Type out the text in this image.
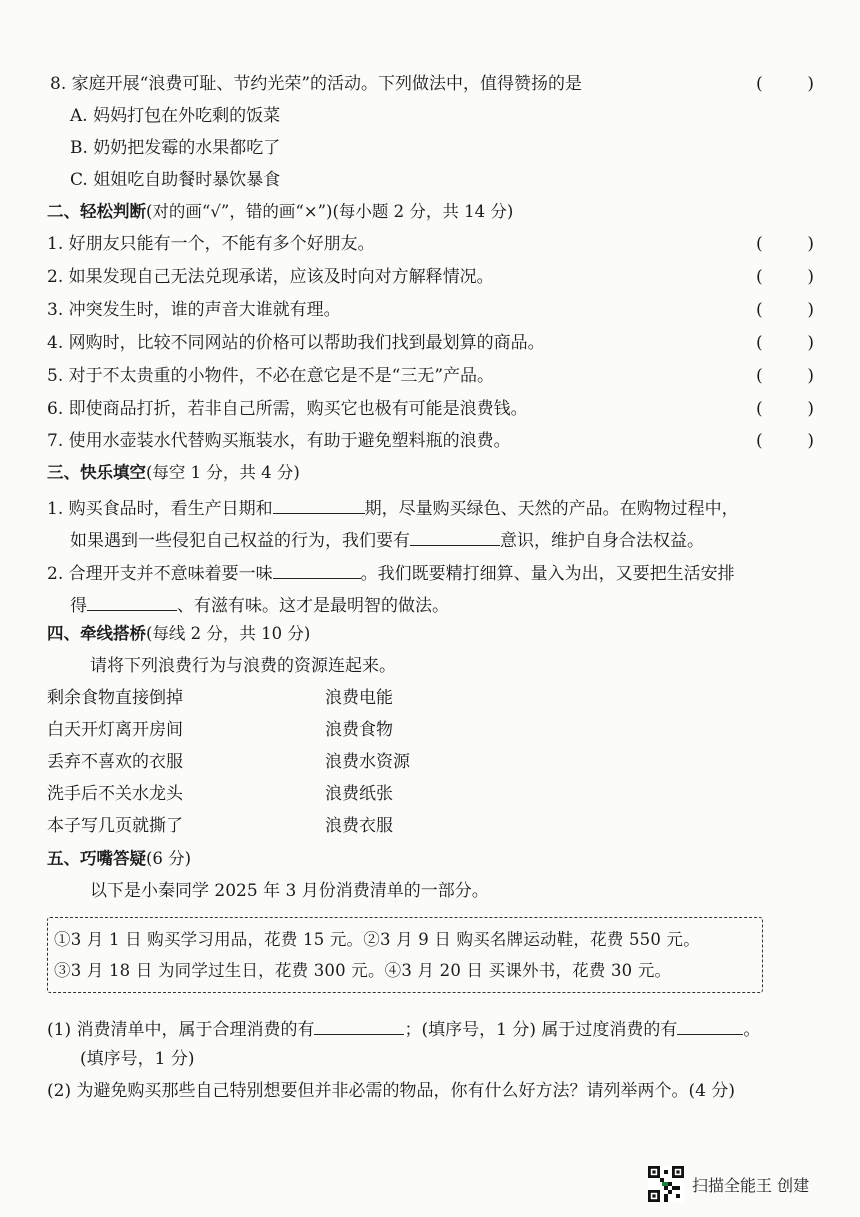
8. 家庭开展“浪费可耻、节约光荣”的活动。下列做法中，值得赞扬的是	(	)
A. 妈妈打包在外吃剩的饭菜
B. 奶奶把发霉的水果都吃了
C. 姐姐吃自助餐时暴饮暴食
二、轻松判断(对的画“√”，错的画“×”)(每小题 2 分，共 14 分)
1. 好朋友只能有一个，不能有多个好朋友。	(	)
2. 如果发现自己无法兑现承诺，应该及时向对方解释情况。	(	)
3. 冲突发生时，谁的声音大谁就有理。	(	)
4. 网购时，比较不同网站的价格可以帮助我们找到最划算的商品。	(	)
5. 对于不太贵重的小物件，不必在意它是不是“三无”产品。	(	)
6. 即使商品打折，若非自己所需，购买它也极有可能是浪费钱。	(	)
7. 使用水壶装水代替购买瓶装水，有助于避免塑料瓶的浪费。	(	)
三、快乐填空(每空 1 分，共 4 分)
1. 购买食品时，看生产日期和	期，尽量购买绿色、天然的产品。在购物过程中，
如果遇到一些侵犯自己权益的行为，我们要有	意识，维护自身合法权益。
2. 合理开支并不意味着要一味	。我们既要精打细算、量入为出，又要把生活安排
得	、有滋有味。这才是最明智的做法。
四、牵线搭桥(每线 2 分，共 10 分)
请将下列浪费行为与浪费的资源连起来。
剩余食物直接倒掉	浪费电能
白天开灯离开房间	浪费食物
丢弃不喜欢的衣服	浪费水资源
洗手后不关水龙头	浪费纸张
本子写几页就撕了	浪费衣服
五、巧嘴答疑(6 分)
以下是小秦同学 2025 年 3 月份消费清单的一部分。
①3 月 1 日 购买学习用品，花费 15 元。②3 月 9 日 购买名牌运动鞋，花费 550 元。
③3 月 18 日 为同学过生日，花费 300 元。④3 月 20 日 买课外书，花费 30 元。
(1) 消费清单中，属于合理消费的有	；(填序号，1 分) 属于过度消费的有	。
(填序号，1 分)
(2) 为避免购买那些自己特别想要但并非必需的物品，你有什么好方法？请列举两个。(4 分)
扫描全能王 创建
